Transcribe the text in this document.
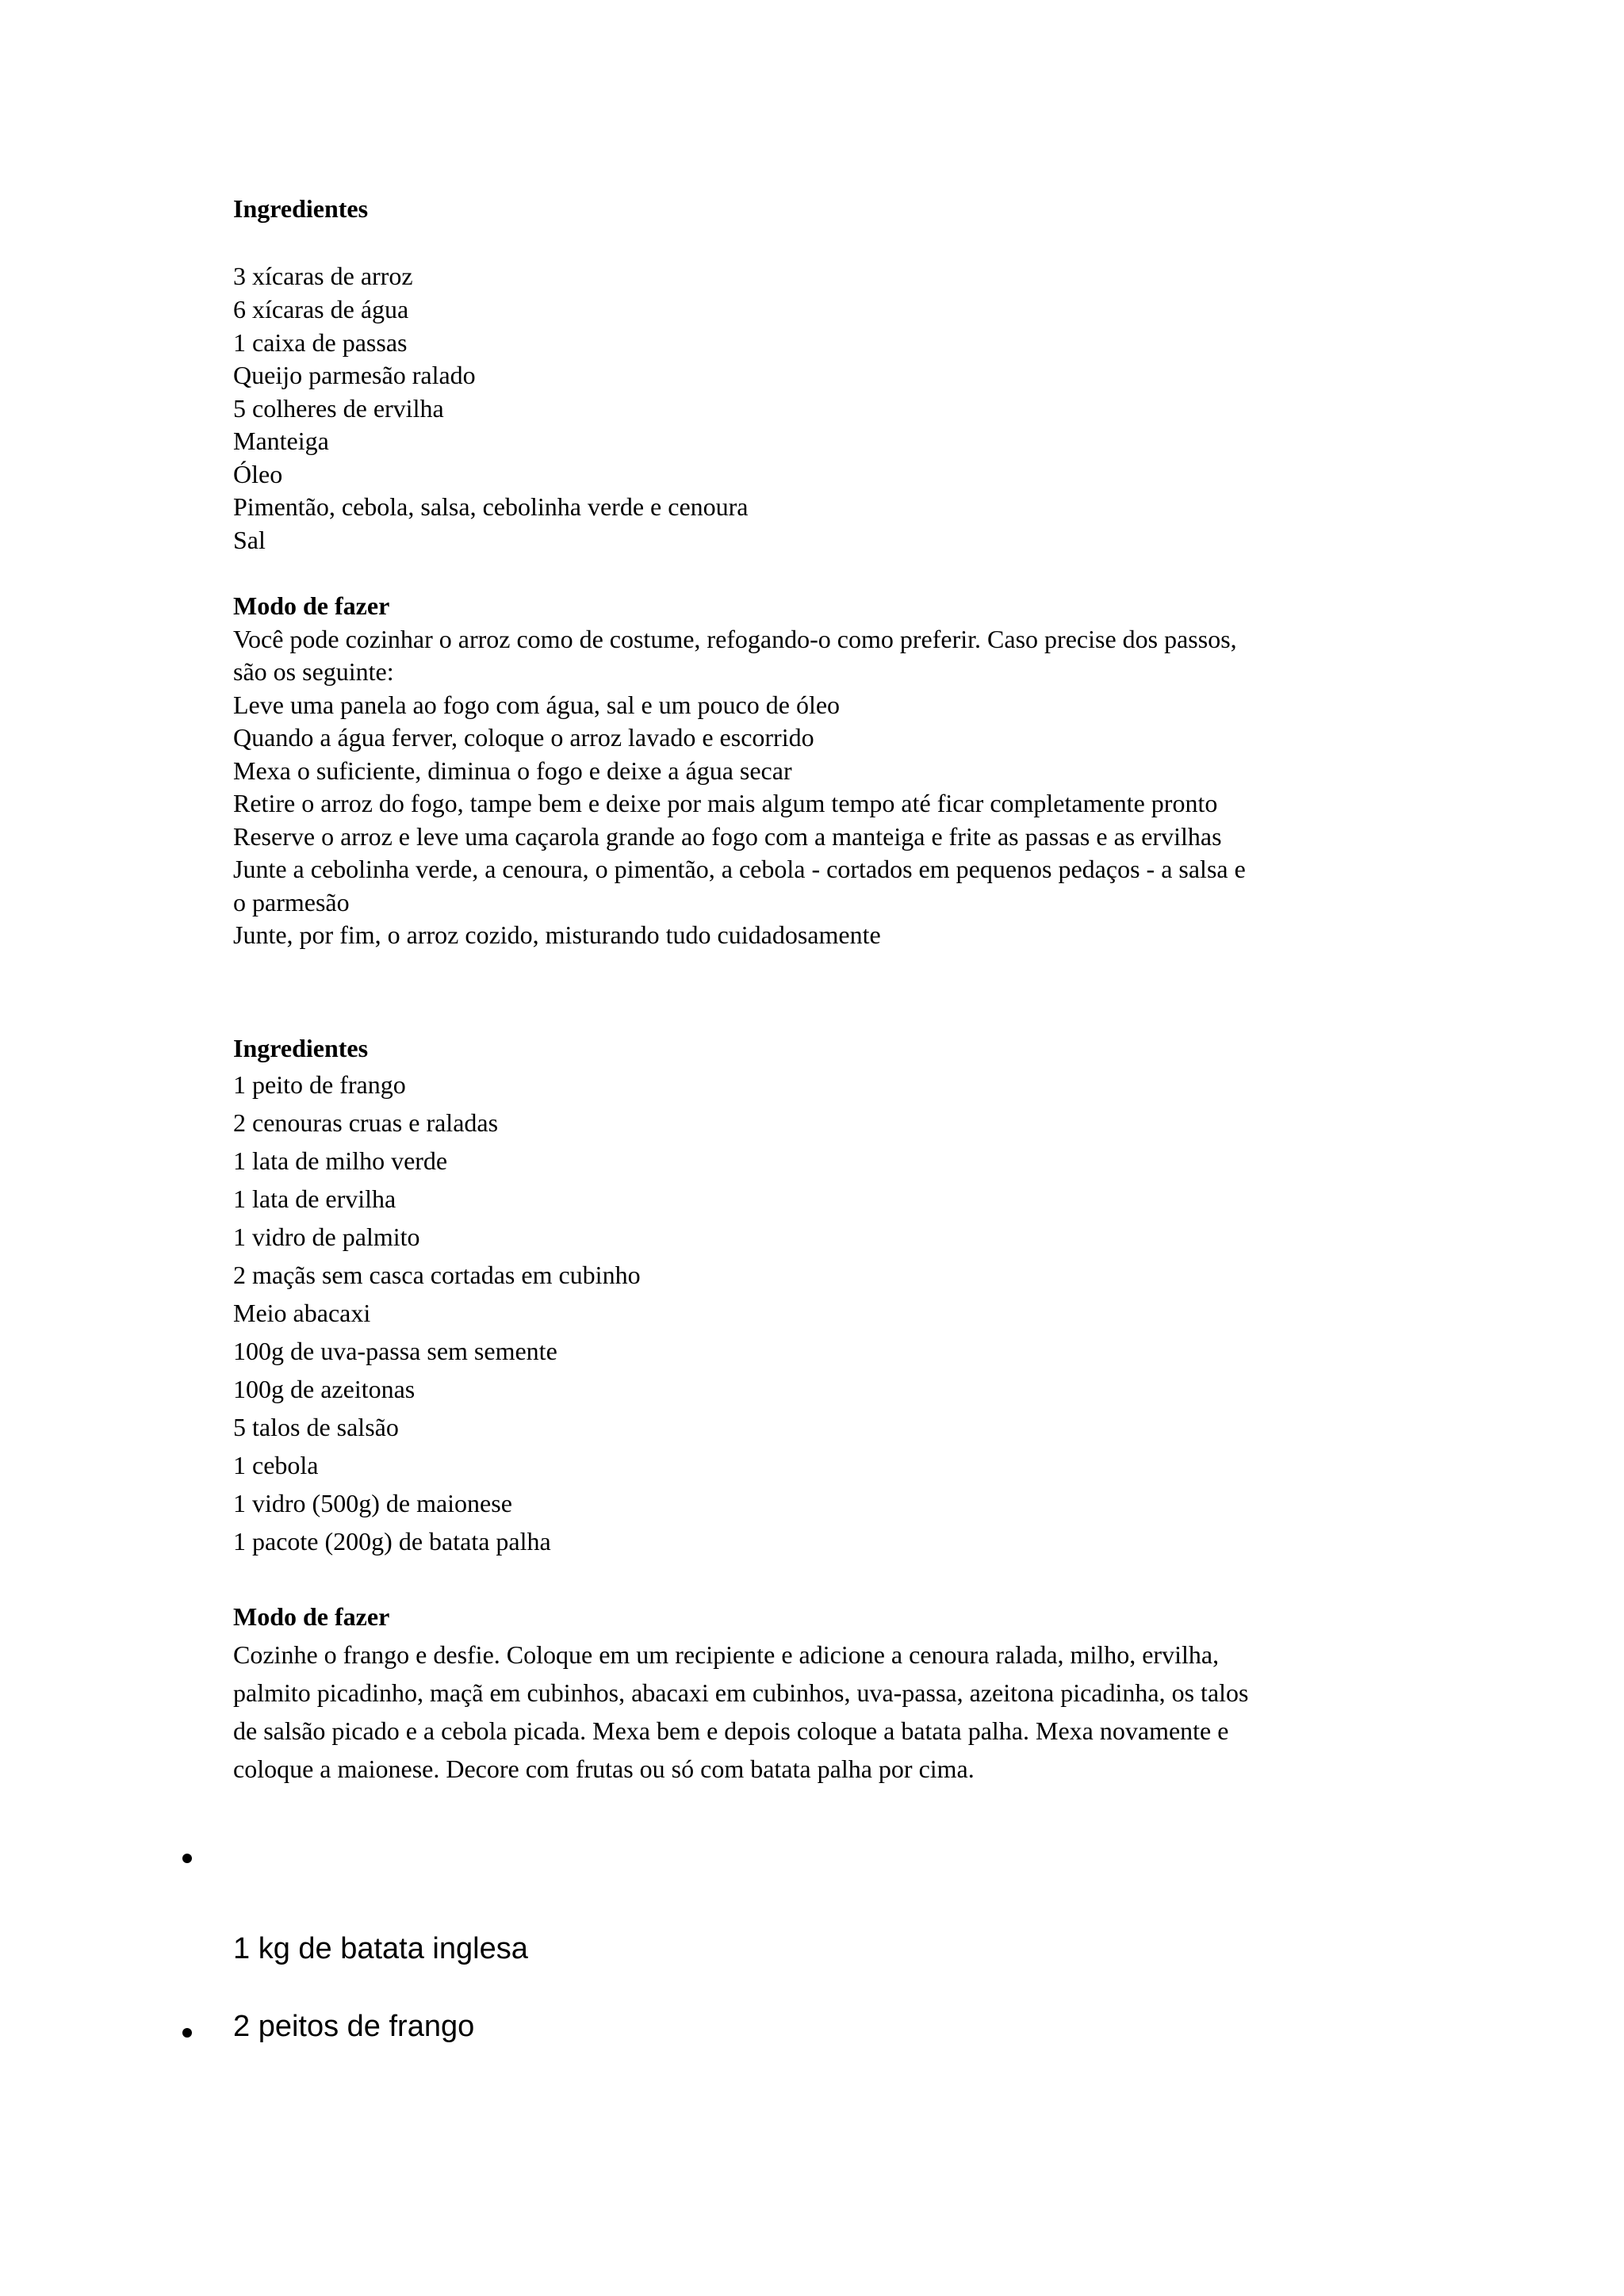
Ingredientes
3 xícaras de arroz
6 xícaras de água
1 caixa de passas
Queijo parmesão ralado
5 colheres de ervilha
Manteiga
Óleo
Pimentão, cebola, salsa, cebolinha verde e cenoura
Sal
Modo de fazer
Você pode cozinhar o arroz como de costume, refogando-o como preferir. Caso precise dos passos,
são os seguinte:
Leve uma panela ao fogo com água, sal e um pouco de óleo
Quando a água ferver, coloque o arroz lavado e escorrido
Mexa o suficiente, diminua o fogo e deixe a água secar
Retire o arroz do fogo, tampe bem e deixe por mais algum tempo até ficar completamente pronto
Reserve o arroz e leve uma caçarola grande ao fogo com a manteiga e frite as passas e as ervilhas
Junte a cebolinha verde, a cenoura, o pimentão, a cebola - cortados em pequenos pedaços - a salsa e
o parmesão
Junte, por fim, o arroz cozido, misturando tudo cuidadosamente
Ingredientes
1 peito de frango
2 cenouras cruas e raladas
1 lata de milho verde
1 lata de ervilha
1 vidro de palmito
2 maçãs sem casca cortadas em cubinho
Meio abacaxi
100g de uva-passa sem semente
100g de azeitonas
5 talos de salsão
1 cebola
1 vidro (500g) de maionese
1 pacote (200g) de batata palha
Modo de fazer
Cozinhe o frango e desfie. Coloque em um recipiente e adicione a cenoura ralada, milho, ervilha,
palmito picadinho, maçã em cubinhos, abacaxi em cubinhos, uva-passa, azeitona picadinha, os talos
de salsão picado e a cebola picada. Mexa bem e depois coloque a batata palha. Mexa novamente e
coloque a maionese. Decore com frutas ou só com batata palha por cima.
1 kg de batata inglesa
2 peitos de frango
